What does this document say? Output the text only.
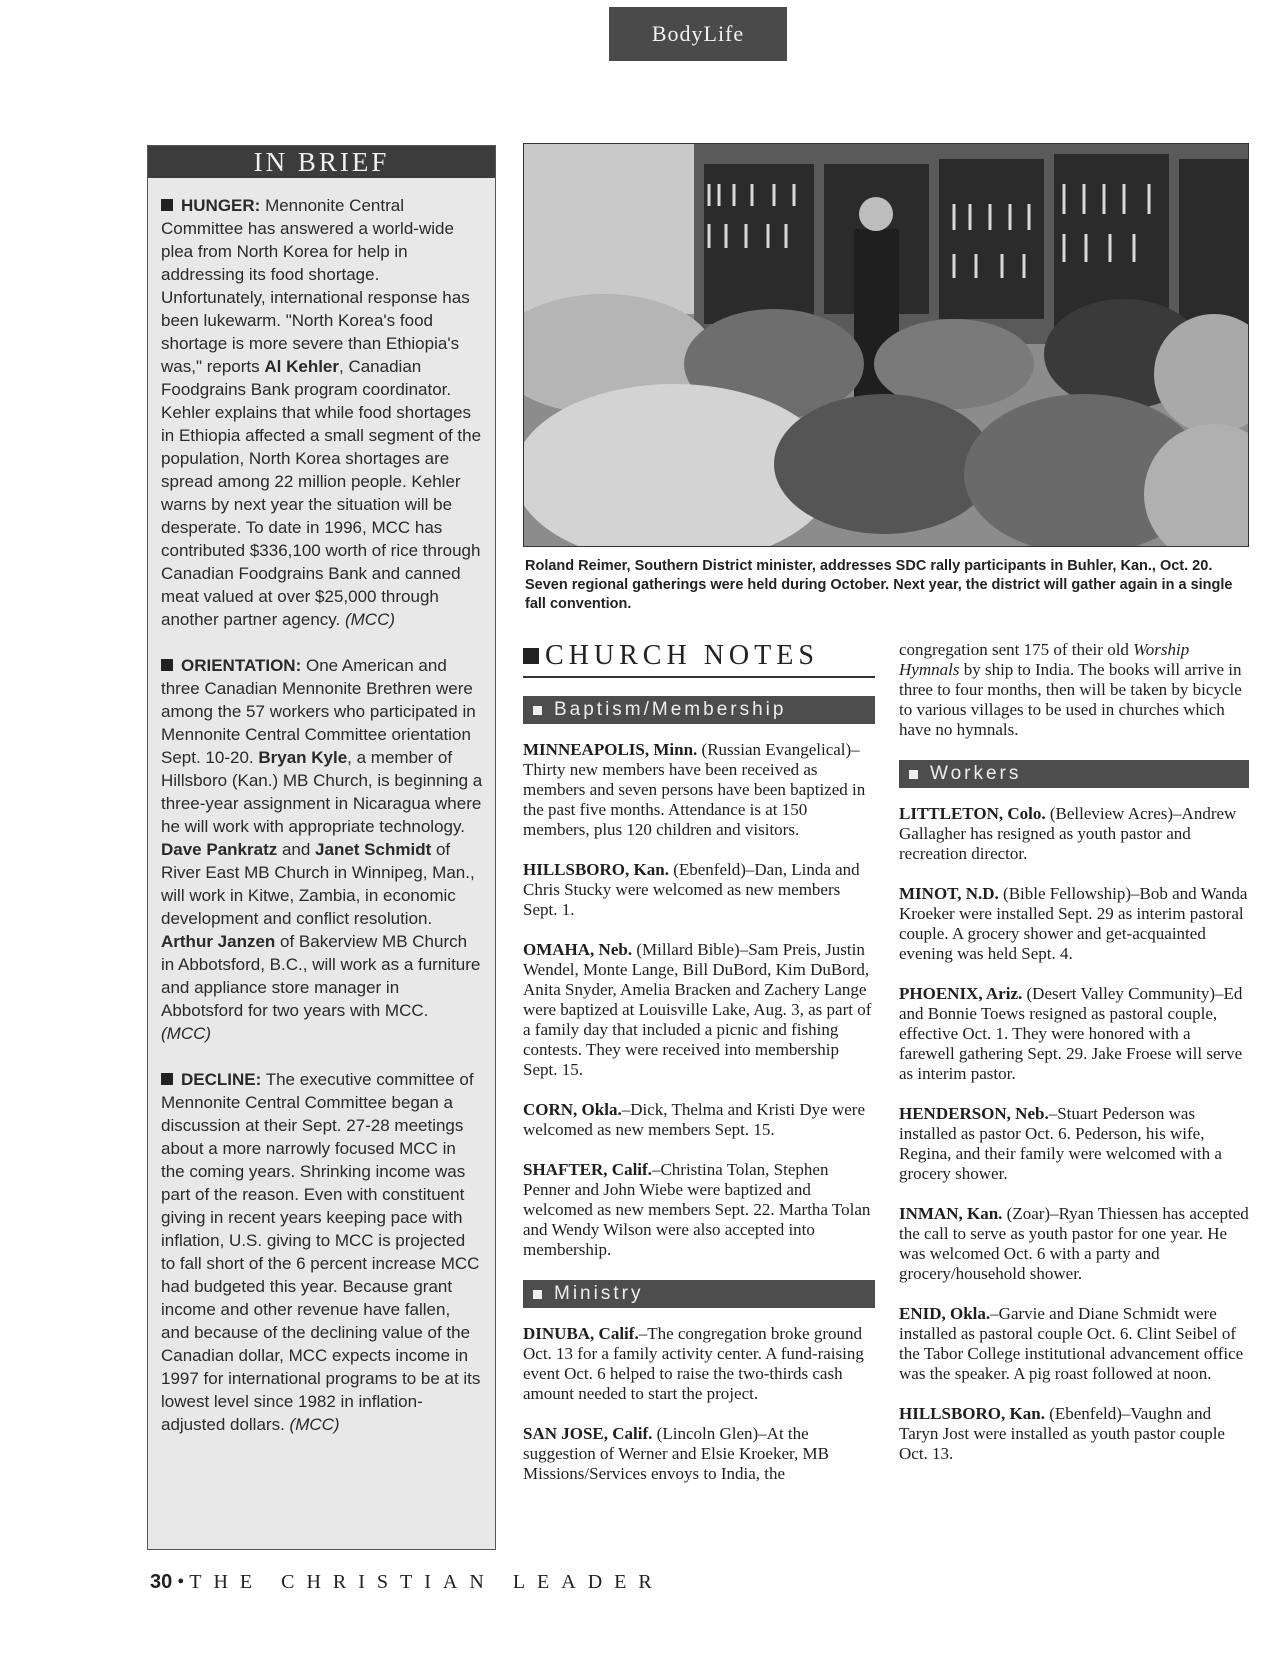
BodyLife
IN BRIEF

HUNGER: Mennonite Central Committee has answered a world-wide plea from North Korea for help in addressing its food shortage. Unfortunately, international response has been lukewarm. "North Korea's food shortage is more severe than Ethiopia's was," reports Al Kehler, Canadian Foodgrains Bank program coordinator. Kehler explains that while food shortages in Ethiopia affected a small segment of the population, North Korea shortages are spread among 22 million people. Kehler warns by next year the situation will be desperate. To date in 1996, MCC has contributed $336,100 worth of rice through Canadian Foodgrains Bank and canned meat valued at over $25,000 through another partner agency. (MCC)

ORIENTATION: One American and three Canadian Mennonite Brethren were among the 57 workers who participated in Mennonite Central Committee orientation Sept. 10-20. Bryan Kyle, a member of Hillsboro (Kan.) MB Church, is beginning a three-year assignment in Nicaragua where he will work with appropriate technology. Dave Pankratz and Janet Schmidt of River East MB Church in Winnipeg, Man., will work in Kitwe, Zambia, in economic development and conflict resolution. Arthur Janzen of Bakerview MB Church in Abbotsford, B.C., will work as a furniture and appliance store manager in Abbotsford for two years with MCC. (MCC)

DECLINE: The executive committee of Mennonite Central Committee began a discussion at their Sept. 27-28 meetings about a more narrowly focused MCC in the coming years. Shrinking income was part of the reason. Even with constituent giving in recent years keeping pace with inflation, U.S. giving to MCC is projected to fall short of the 6 percent increase MCC had budgeted this year. Because grant income and other revenue have fallen, and because of the declining value of the Canadian dollar, MCC expects income in 1997 for international programs to be at its lowest level since 1982 in inflation-adjusted dollars. (MCC)

Roland Reimer, Southern District minister, addresses SDC rally participants in Buhler, Kan., Oct. 20. Seven regional gatherings were held during October. Next year, the district will gather again in a single fall convention.
CHURCH NOTES
Baptism/Membership
MINNEAPOLIS, Minn. (Russian Evangelical)–Thirty new members have been received as members and seven persons have been baptized in the past five months. Attendance is at 150 members, plus 120 children and visitors.
HILLSBORO, Kan. (Ebenfeld)–Dan, Linda and Chris Stucky were welcomed as new members Sept. 1.
OMAHA, Neb. (Millard Bible)–Sam Preis, Justin Wendel, Monte Lange, Bill DuBord, Kim DuBord, Anita Snyder, Amelia Bracken and Zachery Lange were baptized at Louisville Lake, Aug. 3, as part of a family day that included a picnic and fishing contests. They were received into membership Sept. 15.
CORN, Okla.–Dick, Thelma and Kristi Dye were welcomed as new members Sept. 15.
SHAFTER, Calif.–Christina Tolan, Stephen Penner and John Wiebe were baptized and welcomed as new members Sept. 22. Martha Tolan and Wendy Wilson were also accepted into membership.
Ministry
DINUBA, Calif.–The congregation broke ground Oct. 13 for a family activity center. A fund-raising event Oct. 6 helped to raise the two-thirds cash amount needed to start the project.
SAN JOSE, Calif. (Lincoln Glen)–At the suggestion of Werner and Elsie Kroeker, MB Missions/Services envoys to India, the
congregation sent 175 of their old Worship Hymnals by ship to India. The books will arrive in three to four months, then will be taken by bicycle to various villages to be used in churches which have no hymnals.
Workers
LITTLETON, Colo. (Belleview Acres)–Andrew Gallagher has resigned as youth pastor and recreation director.
MINOT, N.D. (Bible Fellowship)–Bob and Wanda Kroeker were installed Sept. 29 as interim pastoral couple. A grocery shower and get-acquainted evening was held Sept. 4.
PHOENIX, Ariz. (Desert Valley Community)–Ed and Bonnie Toews resigned as pastoral couple, effective Oct. 1. They were honored with a farewell gathering Sept. 29. Jake Froese will serve as interim pastor.
HENDERSON, Neb.–Stuart Pederson was installed as pastor Oct. 6. Pederson, his wife, Regina, and their family were welcomed with a grocery shower.
INMAN, Kan. (Zoar)–Ryan Thiessen has accepted the call to serve as youth pastor for one year. He was welcomed Oct. 6 with a party and grocery/household shower.
ENID, Okla.–Garvie and Diane Schmidt were installed as pastoral couple Oct. 6. Clint Seibel of the Tabor College institutional advancement office was the speaker. A pig roast followed at noon.
HILLSBORO, Kan. (Ebenfeld)–Vaughn and Taryn Jost were installed as youth pastor couple Oct. 13.
30 • THE CHRISTIAN LEADER
